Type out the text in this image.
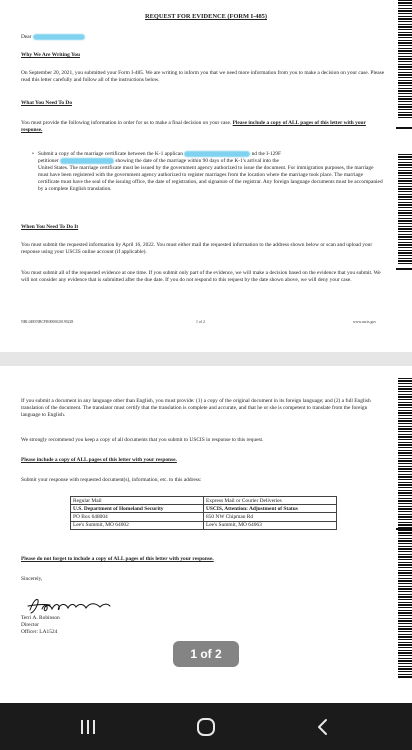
REQUEST FOR EVIDENCE (FORM I-485)
Dear
Why We Are Writing You

On September 20, 2021, you submitted your Form I-485. We are writing to inform you that we need more information from you to make a decision on your case. Please read this letter carefully and follow all of the instructions below.

What You Need To Do

You must provide the following information in order for us to make a final decision on your case. Please include a copy of ALL pages of this letter with your response.

• Submit a copy of the marriage certificate between the K-1 applican	nd the I-129F
petitioner	showing the date of the marriage within 90 days of the K-1's arrival into the
United States. The marriage certificate must be issued by the government agency authorized to issue the document. For immigration purposes, the marriage must have been registered with the government agency authorized to register marriages from the location where the marriage took place. The marriage certificate must have the seal of the issuing office, the date of registration, and signature of the registrar. Any foreign language documents must be accompanied by a complete English translation.
When You Need To Do It

You must submit the requested information by April 16, 2022. You must either mail the requested information to the address shown below or scan and upload your response using your USCIS online account (if applicable).

You must submit all of the requested evidence at one time. If you submit only part of the evidence, we will make a decision based on the evidence that you submit. We will not consider any evidence that is submitted after the due date. If you do not respond to this request by the date shown above, we will deny your case.

NBL0485NBCFR0000020190228	1 of 2	www.uscis.gov

If you submit a document in any language other than English, you must provide: (1) a copy of the original document in its foreign language; and (2) a full English translation of the document. The translator must certify that the translation is complete and accurate, and that he or she is competent to translate from the foreign language to English.

We strongly recommend you keep a copy of all documents that you submit to USCIS in response to this request.

Please include a copy of ALL pages of this letter with your response.

Submit your response with requested document(s), information, etc. to this address:

Regular Mail	Express Mail or Courier Deliveries
U.S. Department of Homeland Security	USCIS, Attention: Adjustment of Status
PO Box 648004	850 NW Chipman Rd
Lee's Summit, MO 64002	Lee's Summit, MO 64063
Please do not forget to include a copy of ALL pages of this letter with your response.
Sincerely,
Terri A. Robinson
Director
Officer: LA1524
1 of 2
